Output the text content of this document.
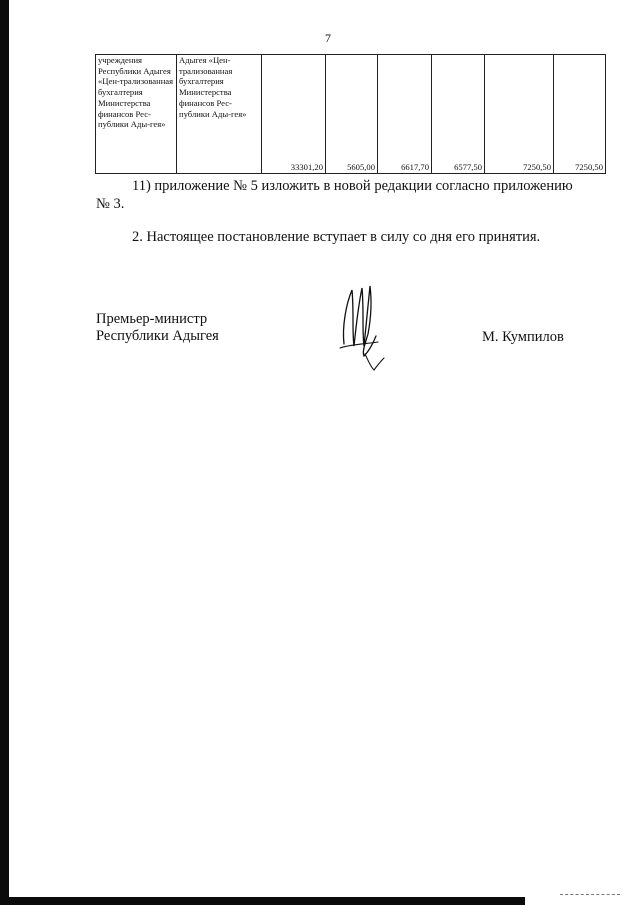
7
учреждения Республики Адыгея «Цен-трализованная бухгалтерия Министерства финансов Рес-публики Ады-гея»

Адыгея «Цен-трализованная бухгалтерия Министерства финансов Рес-публики Ады-гея»
	33301,20	5605,00	6617,70	6577,50	7250,50	7250,50
11) приложение № 5 изложить в новой редакции согласно приложению № 3.
2. Настоящее постановление вступает в силу со дня его принятия.
Премьер-министр
Республики Адыгея	М. Кумпилов
